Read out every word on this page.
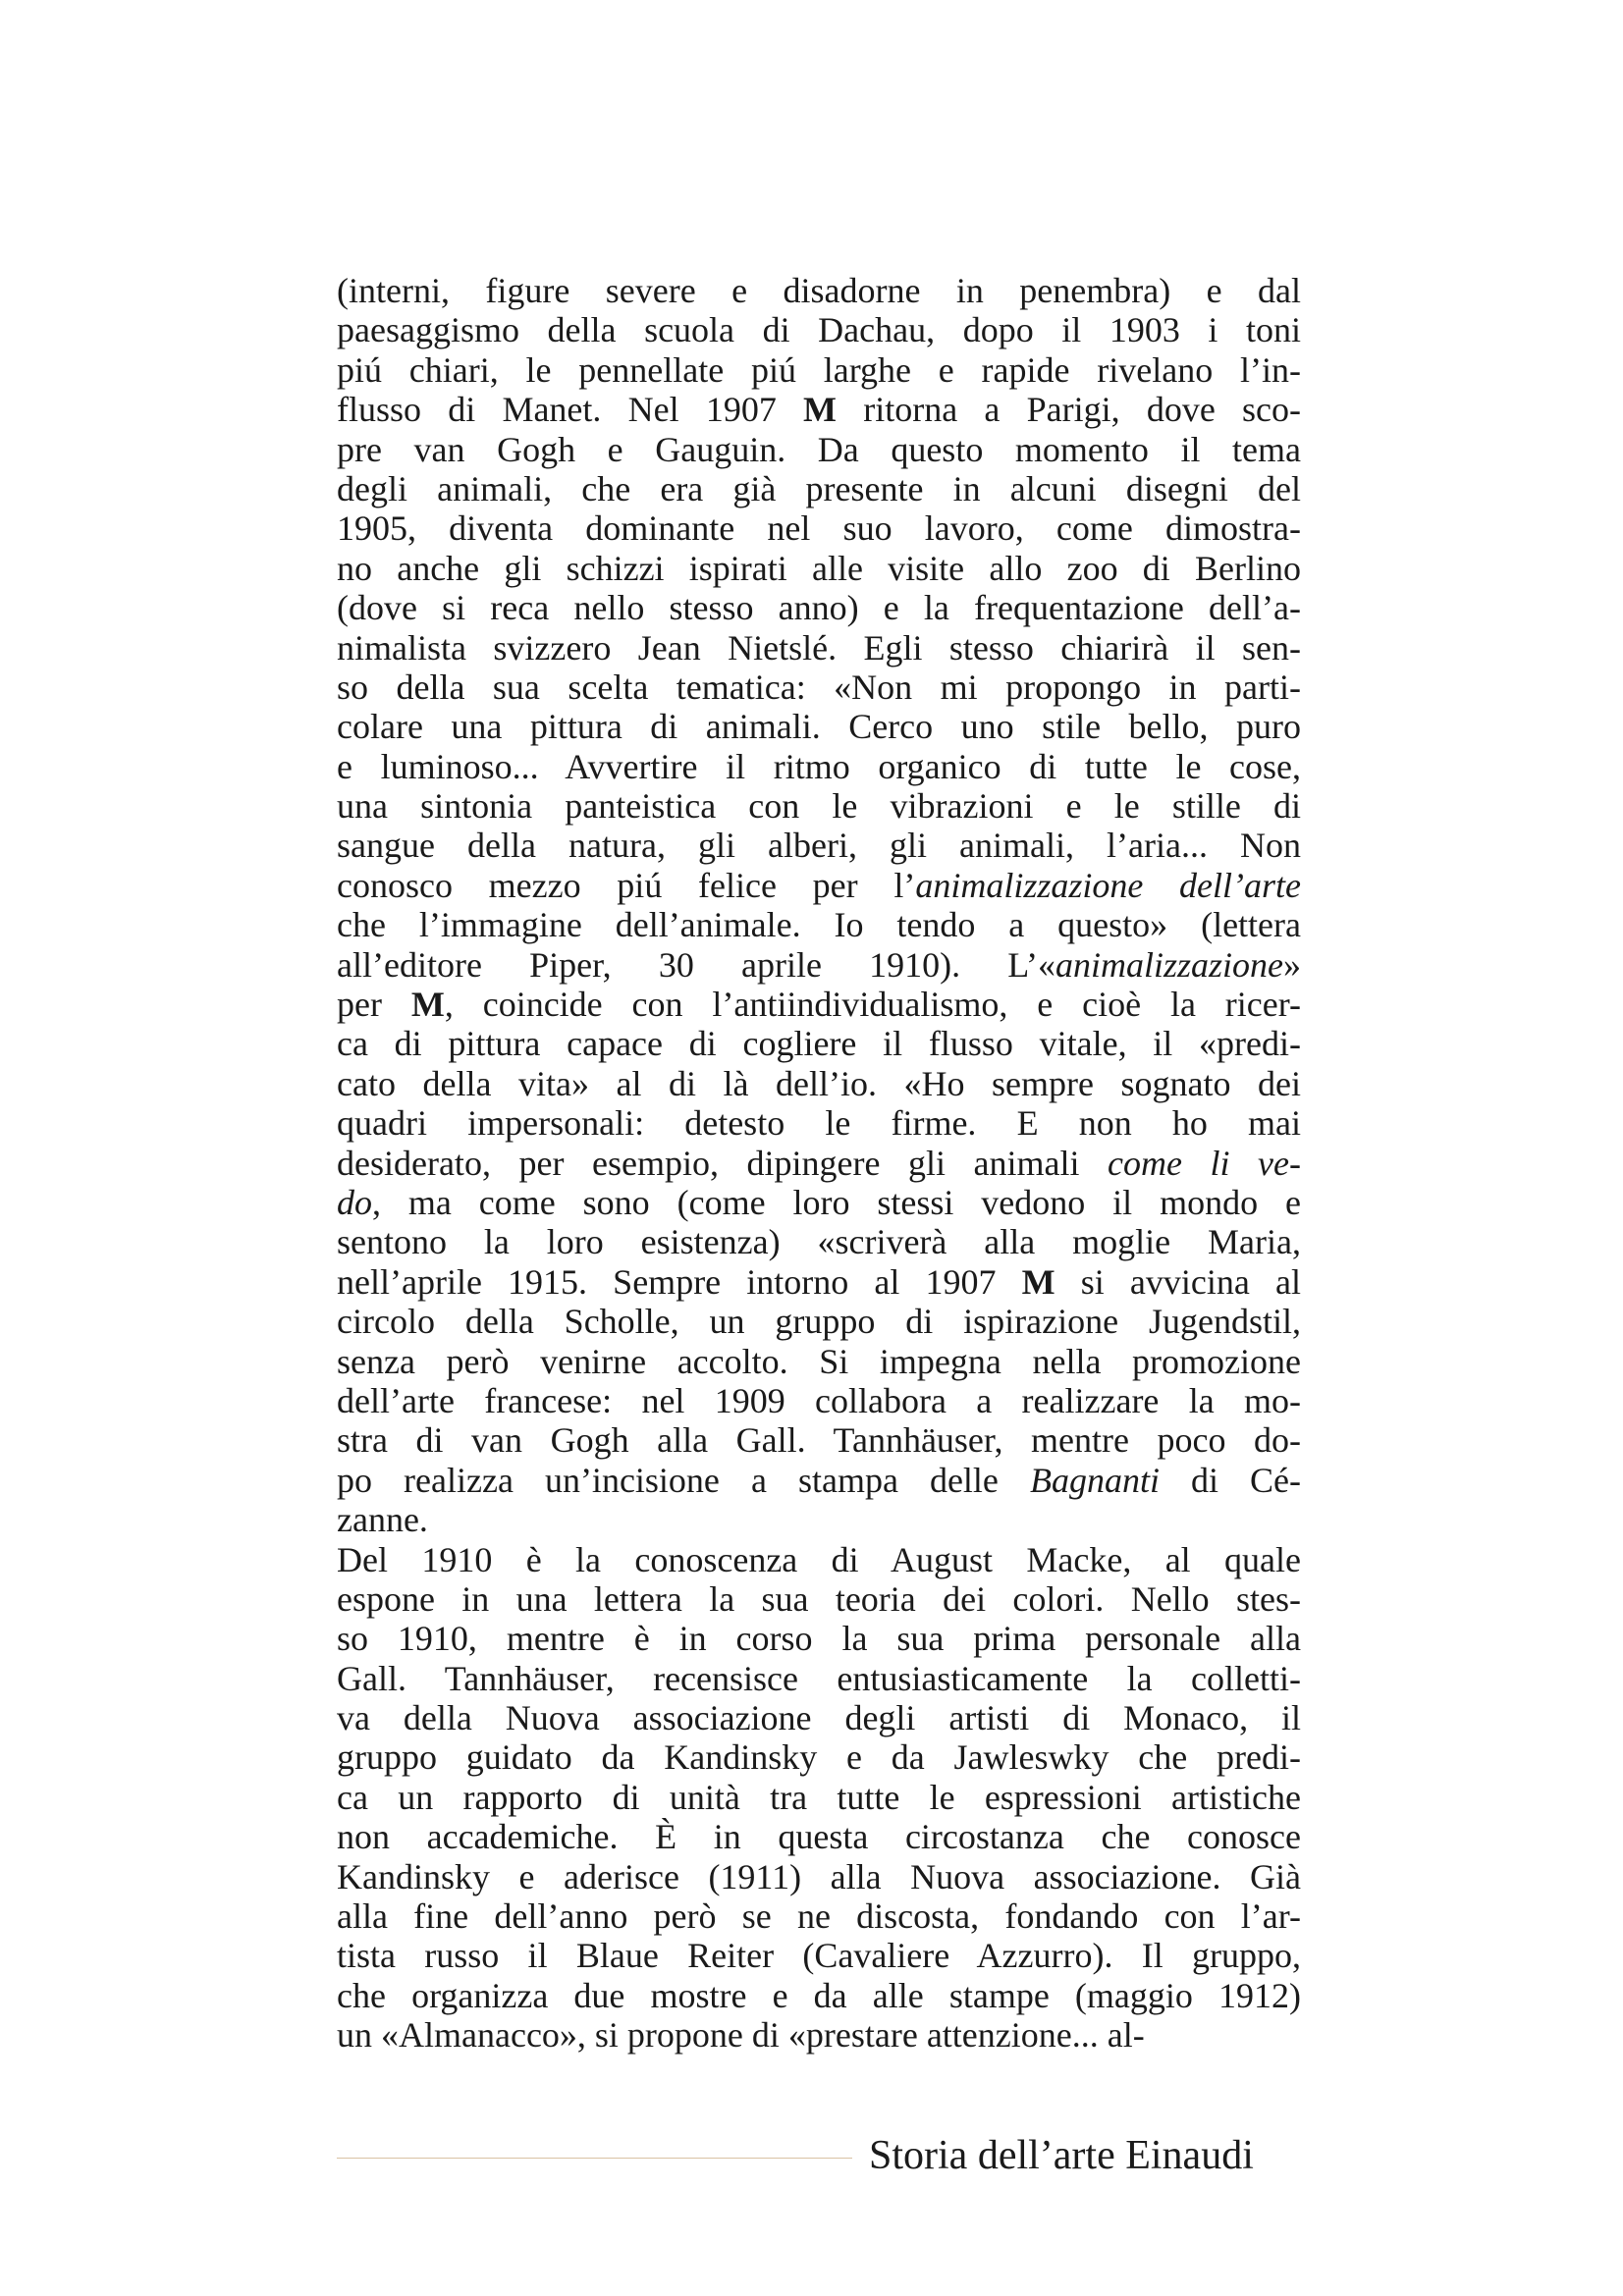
(interni, figure severe e disadorne in penembra) e dal
paesaggismo della scuola di Dachau, dopo il 1903 i toni
piú chiari, le pennellate piú larghe e rapide rivelano l’in-
flusso di Manet. Nel 1907 M ritorna a Parigi, dove sco-
pre van Gogh e Gauguin. Da questo momento il tema
degli animali, che era già presente in alcuni disegni del
1905, diventa dominante nel suo lavoro, come dimostra-
no anche gli schizzi ispirati alle visite allo zoo di Berlino
(dove si reca nello stesso anno) e la frequentazione dell’a-
nimalista svizzero Jean Nietslé. Egli stesso chiarirà il sen-
so della sua scelta tematica: «Non mi propongo in parti-
colare una pittura di animali. Cerco uno stile bello, puro
e luminoso... Avvertire il ritmo organico di tutte le cose,
una sintonia panteistica con le vibrazioni e le stille di
sangue della natura, gli alberi, gli animali, l’aria... Non
conosco mezzo piú felice per l’animalizzazione dell’arte
che l’immagine dell’animale. Io tendo a questo» (lettera
all’editore Piper, 30 aprile 1910). L’«animalizzazione»
per M, coincide con l’antiindividualismo, e cioè la ricer-
ca di pittura capace di cogliere il flusso vitale, il «predi-
cato della vita» al di là dell’io. «Ho sempre sognato dei
quadri impersonali: detesto le firme. E non ho mai
desiderato, per esempio, dipingere gli animali come li ve-
do, ma come sono (come loro stessi vedono il mondo e
sentono la loro esistenza) «scriverà alla moglie Maria,
nell’aprile 1915. Sempre intorno al 1907 M si avvicina al
circolo della Scholle, un gruppo di ispirazione Jugendstil,
senza però venirne accolto. Si impegna nella promozione
dell’arte francese: nel 1909 collabora a realizzare la mo-
stra di van Gogh alla Gall. Tannhäuser, mentre poco do-
po realizza un’incisione a stampa delle Bagnanti di Cé-
zanne.
Del 1910 è la conoscenza di August Macke, al quale
espone in una lettera la sua teoria dei colori. Nello stes-
so 1910, mentre è in corso la sua prima personale alla
Gall. Tannhäuser, recensisce entusiasticamente la colletti-
va della Nuova associazione degli artisti di Monaco, il
gruppo guidato da Kandinsky e da Jawleswky che predi-
ca un rapporto di unità tra tutte le espressioni artistiche
non accademiche. È in questa circostanza che conosce
Kandinsky e aderisce (1911) alla Nuova associazione. Già
alla fine dell’anno però se ne discosta, fondando con l’ar-
tista russo il Blaue Reiter (Cavaliere Azzurro). Il gruppo,
che organizza due mostre e da alle stampe (maggio 1912)
un «Almanacco», si propone di «prestare attenzione... al-
Storia dell’arte Einaudi
